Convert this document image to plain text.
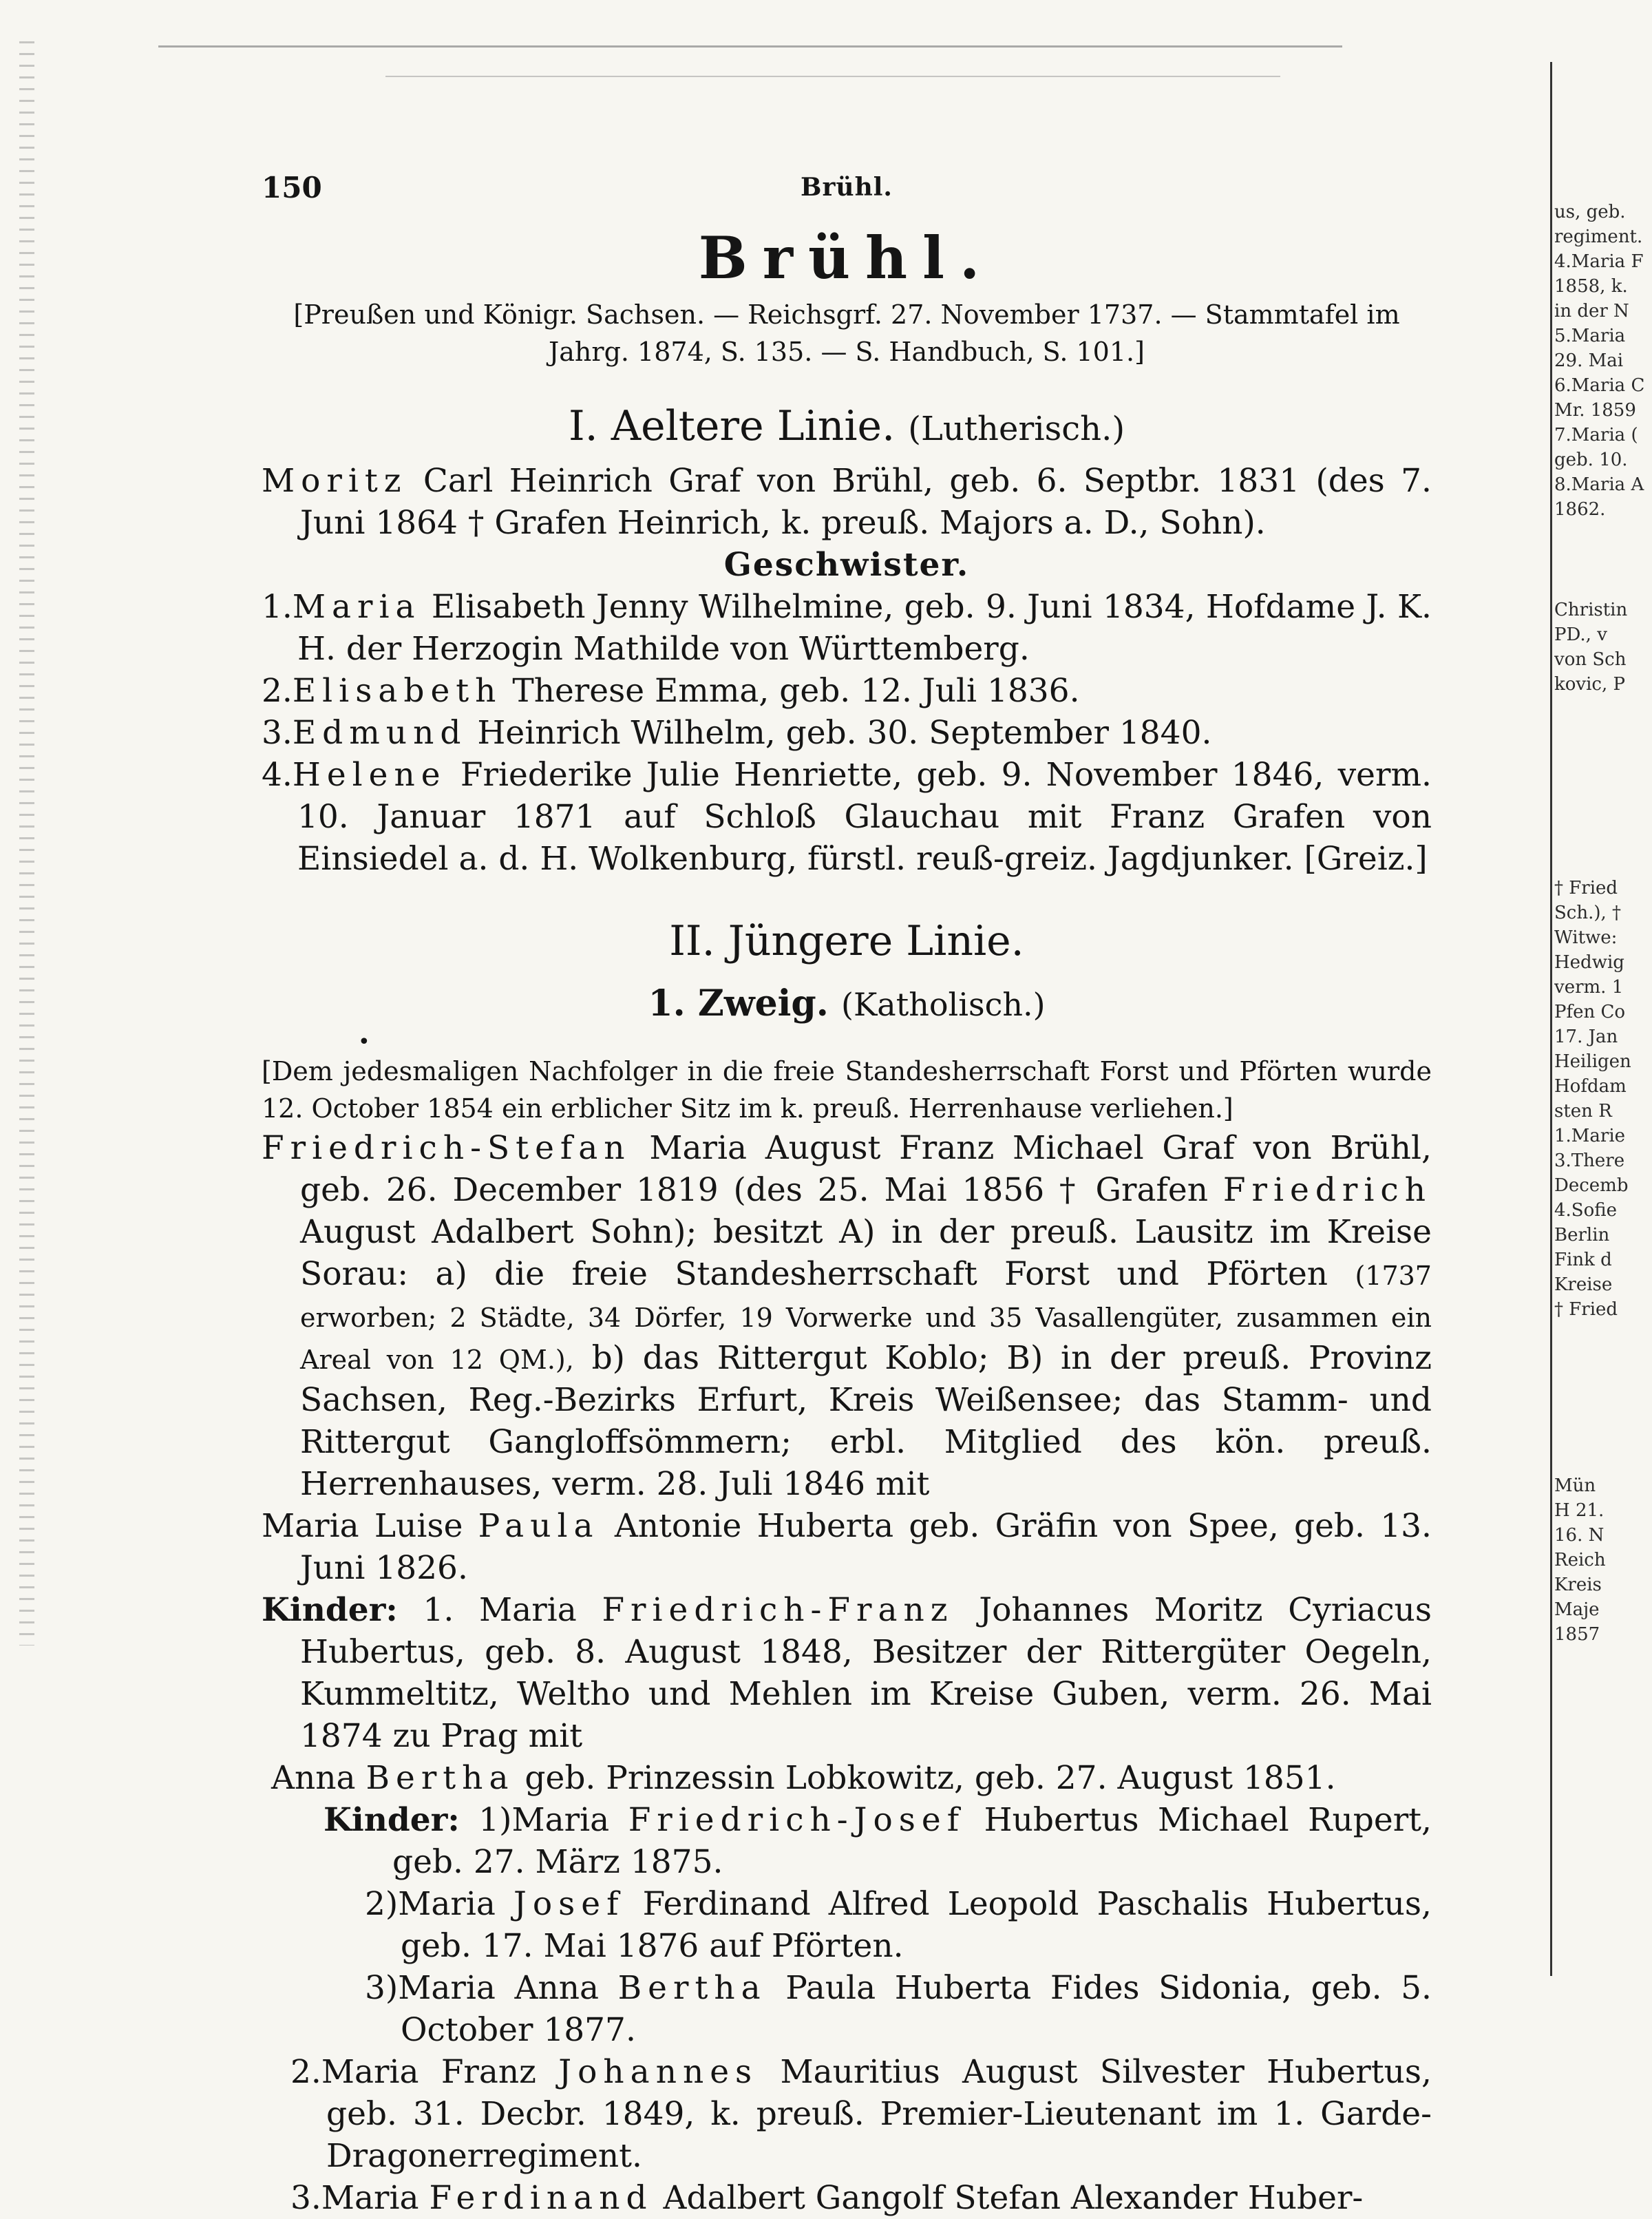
150	Brühl.
Brühl.
[Preußen und Königr. Sachsen. — Reichsgrf. 27. November 1737. — Stammtafel im Jahrg. 1874, S. 135. — S. Handbuch, S. 101.]
I. Aeltere Linie. (Lutherisch.)
Moritz Carl Heinrich Graf von Brühl, geb. 6. Septbr. 1831 (des 7. Juni 1864 † Grafen Heinrich, k. preuß. Majors a. D., Sohn).
Geschwister.
1.Maria Elisabeth Jenny Wilhelmine, geb. 9. Juni 1834, Hofdame J. K. H. der Herzogin Mathilde von Württemberg.
2.Elisabeth Therese Emma, geb. 12. Juli 1836.
3.Edmund Heinrich Wilhelm, geb. 30. September 1840.
4.Helene Friederike Julie Henriette, geb. 9. November 1846, verm. 10. Januar 1871 auf Schloß Glauchau mit Franz Grafen von Einsiedel a. d. H. Wolkenburg, fürstl. reuß-greiz. Jagdjunker. [Greiz.]
II. Jüngere Linie.
1. Zweig. (Katholisch.)
•
[Dem jedesmaligen Nachfolger in die freie Standesherrschaft Forst und Pförten wurde 12. October 1854 ein erblicher Sitz im k. preuß. Herrenhause verliehen.]
Friedrich-Stefan Maria August Franz Michael Graf von Brühl, geb. 26. December 1819 (des 25. Mai 1856 † Grafen Friedrich August Adalbert Sohn); besitzt A) in der preuß. Lausitz im Kreise Sorau: a) die freie Standesherrschaft Forst und Pförten (1737 erworben; 2 Städte, 34 Dörfer, 19 Vorwerke und 35 Vasallengüter, zusammen ein Areal von 12 QM.), b) das Rittergut Koblo; B) in der preuß. Provinz Sachsen, Reg.-Bezirks Erfurt, Kreis Weißensee; das Stamm- und Rittergut Gangloffsömmern; erbl. Mitglied des kön. preuß. Herrenhauses, verm. 28. Juli 1846 mit
Maria Luise Paula Antonie Huberta geb. Gräfin von Spee, geb. 13. Juni 1826.
Kinder: 1. Maria Friedrich-Franz Johannes Moritz Cyriacus Hubertus, geb. 8. August 1848, Besitzer der Rittergüter Oegeln, Kummeltitz, Weltho und Mehlen im Kreise Guben, verm. 26. Mai 1874 zu Prag mit
Anna Bertha geb. Prinzessin Lobkowitz, geb. 27. August 1851.
Kinder: 1)Maria Friedrich-Josef Hubertus Michael Rupert, geb. 27. März 1875.
2)Maria Josef Ferdinand Alfred Leopold Paschalis Hubertus, geb. 17. Mai 1876 auf Pförten.
3)Maria Anna Bertha Paula Huberta Fides Sidonia, geb. 5. October 1877.
2.Maria Franz Johannes Mauritius August Silvester Hubertus, geb. 31. Decbr. 1849, k. preuß. Premier-Lieutenant im 1. Garde-Dragonerregiment.
3.Maria Ferdinand Adalbert Gangolf Stefan Alexander Huber-
us, geb.
regiment.
4.Maria F
1858, k.
in der N
5.Maria
29. Mai
6.Maria C
Mr. 1859
7.Maria (
geb. 10.
8.Maria A
1862.
Christin
PD., v
von Sch
kovic, P
† Fried
Sch.), †
Witwe:
Hedwig
verm. 1
Pfen Co
17. Jan
Heiligen
Hofdam
sten R
1.Marie
3.There
Decemb
4.Sofie
Berlin
Fink d
Kreise
† Fried
Mün
H 21.
16. N
Reich
Kreis
Maje
1857
